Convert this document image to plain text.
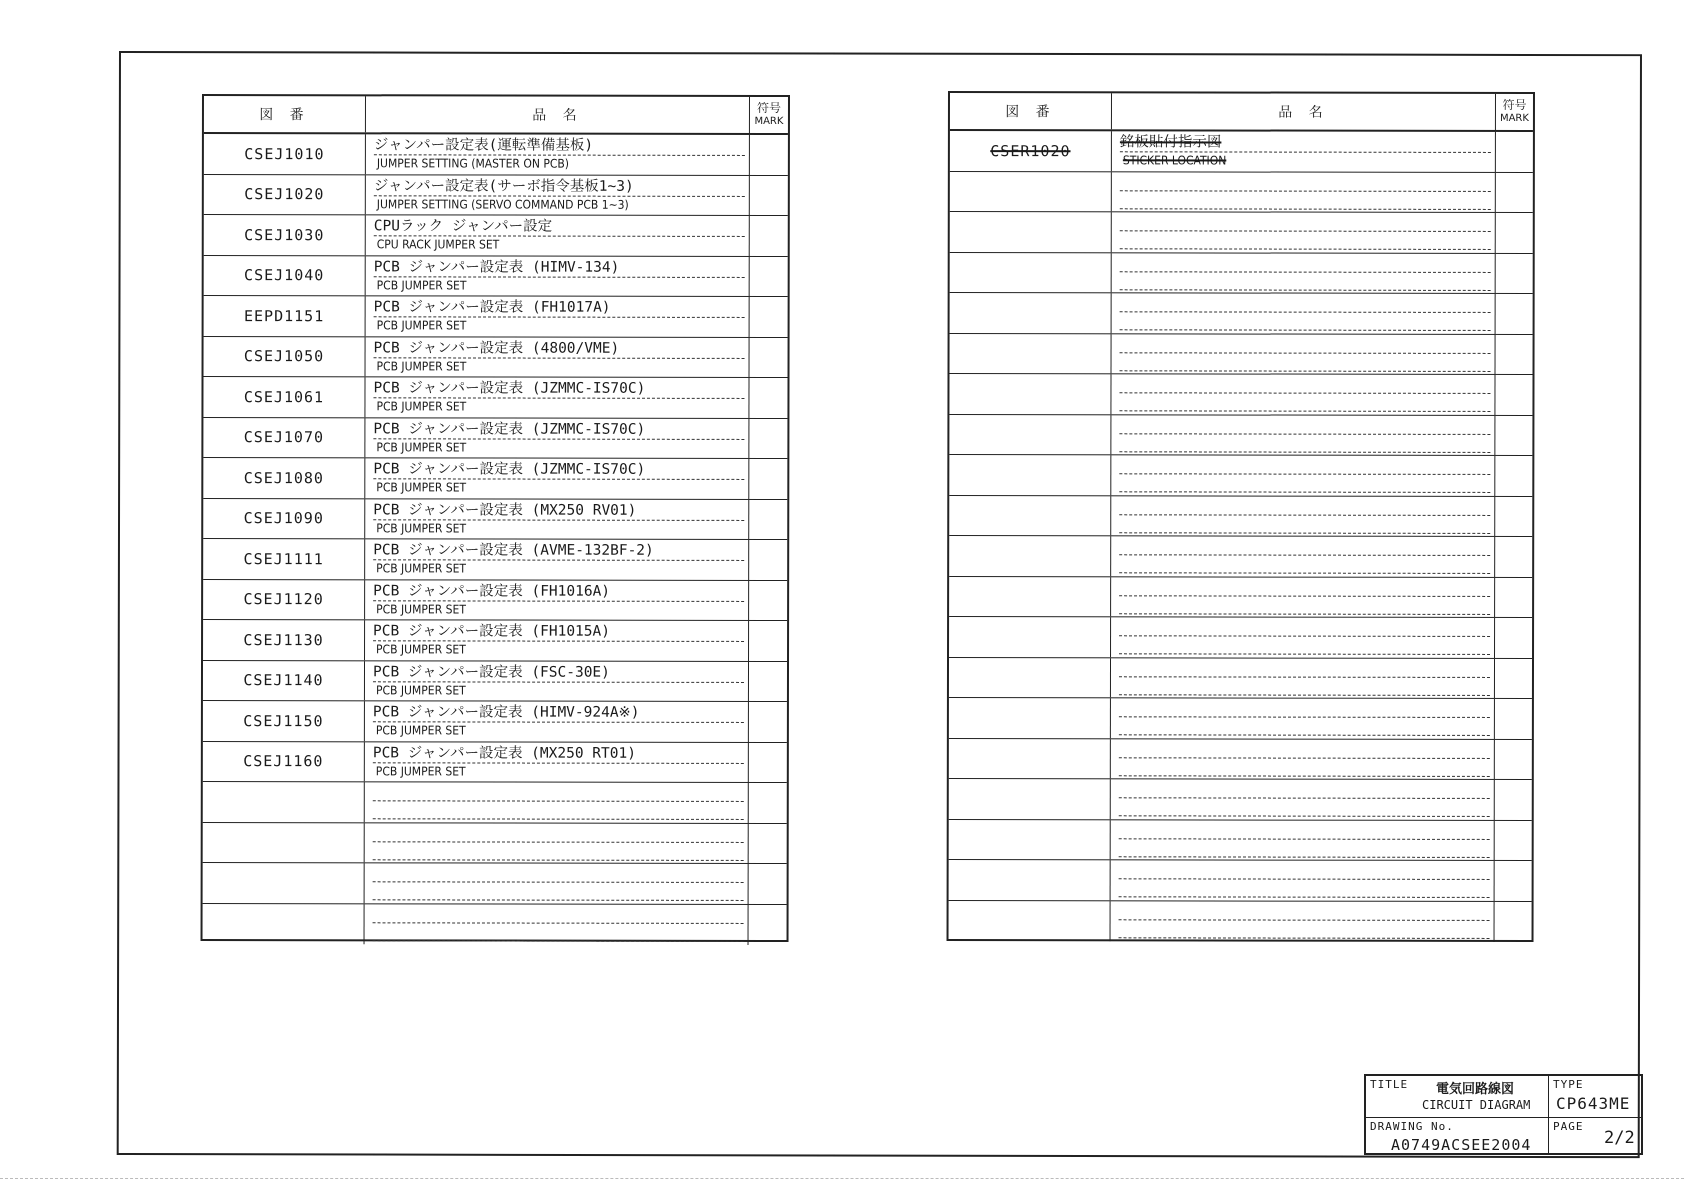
図 番	品 名	符号
MARK
CSEJ1010	ジャンパー設定表(運転準備基板)
JUMPER SETTING (MASTER ON PCB)
CSEJ1020	ジャンパー設定表(サーボ指令基板1~3)
JUMPER SETTING (SERVO COMMAND PCB 1~3)
CSEJ1030	CPUラック ジャンパー設定
CPU RACK JUMPER SET
CSEJ1040	PCB ジャンパー設定表 (HIMV-134)
PCB JUMPER SET
EEPD1151	PCB ジャンパー設定表 (FH1017A)
PCB JUMPER SET
CSEJ1050	PCB ジャンパー設定表 (4800/VME)
PCB JUMPER SET
CSEJ1061	PCB ジャンパー設定表 (JZMMC-IS70C)
PCB JUMPER SET
CSEJ1070	PCB ジャンパー設定表 (JZMMC-IS70C)
PCB JUMPER SET
CSEJ1080	PCB ジャンパー設定表 (JZMMC-IS70C)
PCB JUMPER SET
CSEJ1090	PCB ジャンパー設定表 (MX250 RV01)
PCB JUMPER SET
CSEJ1111	PCB ジャンパー設定表 (AVME-132BF-2)
PCB JUMPER SET
CSEJ1120	PCB ジャンパー設定表 (FH1016A)
PCB JUMPER SET
CSEJ1130	PCB ジャンパー設定表 (FH1015A)
PCB JUMPER SET
CSEJ1140	PCB ジャンパー設定表 (FSC-30E)
PCB JUMPER SET
CSEJ1150	PCB ジャンパー設定表 (HIMV-924A※)
PCB JUMPER SET
CSEJ1160	PCB ジャンパー設定表 (MX250 RT01)
PCB JUMPER SET
図 番	品 名	符号
MARK
CSER1020	銘板貼付指示図
STICKER LOCATION
TITLE 電気回路線図
CIRCUIT DIAGRAM
TYPE
CP643ME
DRAWING No.
A0749ACSEE2004
PAGE
2/2
